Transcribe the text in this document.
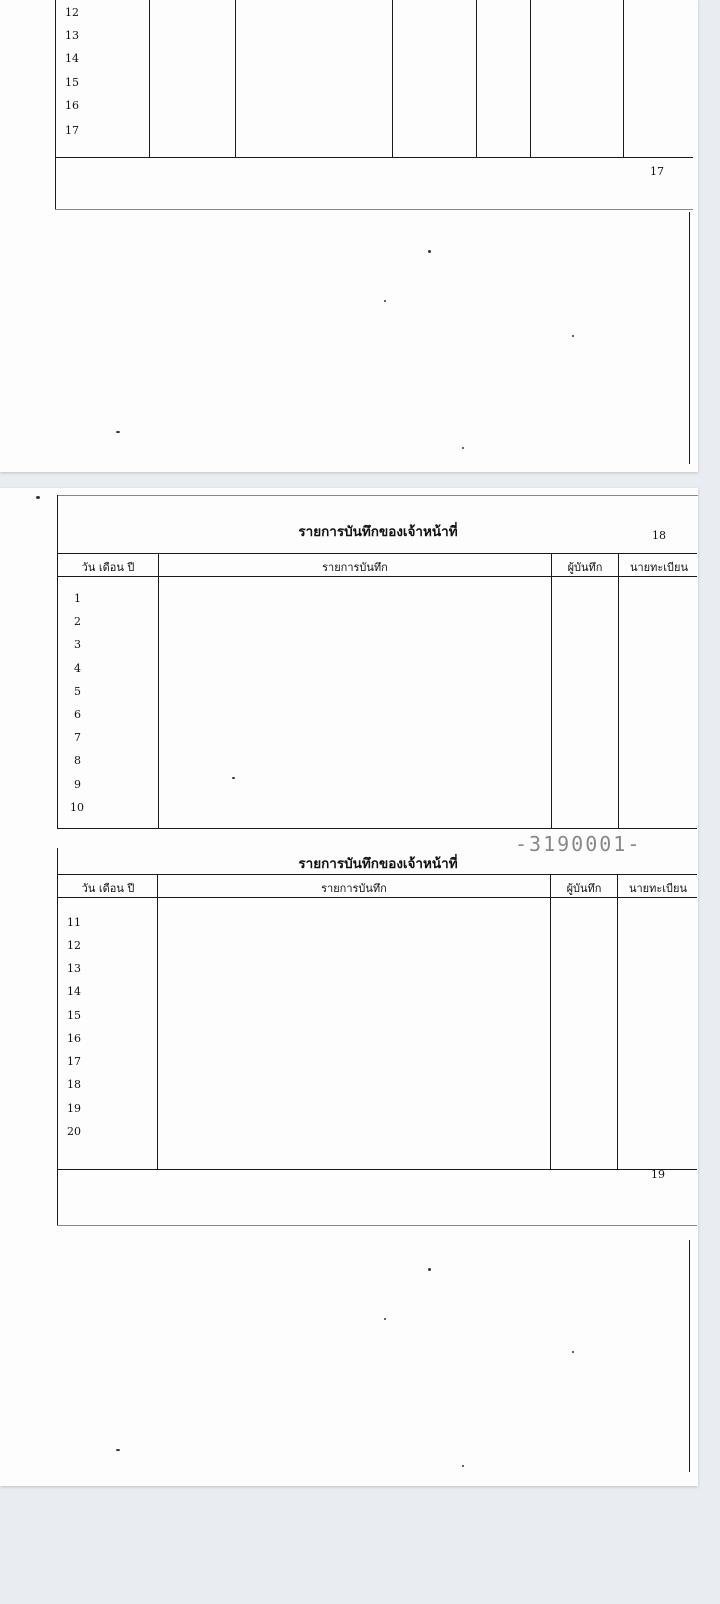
12
13
14
15
16
17
17
รายการบันทึกของเจ้าหน้าที่	18
วัน เดือน ปี	รายการบันทึก	ผู้บันทึก	นายทะเบียน
1
2
3
4
5
6
7
8
9
10
-3190001-
รายการบันทึกของเจ้าหน้าที่
วัน เดือน ปี	รายการบันทึก	ผู้บันทึก	นายทะเบียน
11
12
13
14
15
16
17
18
19
20
19
